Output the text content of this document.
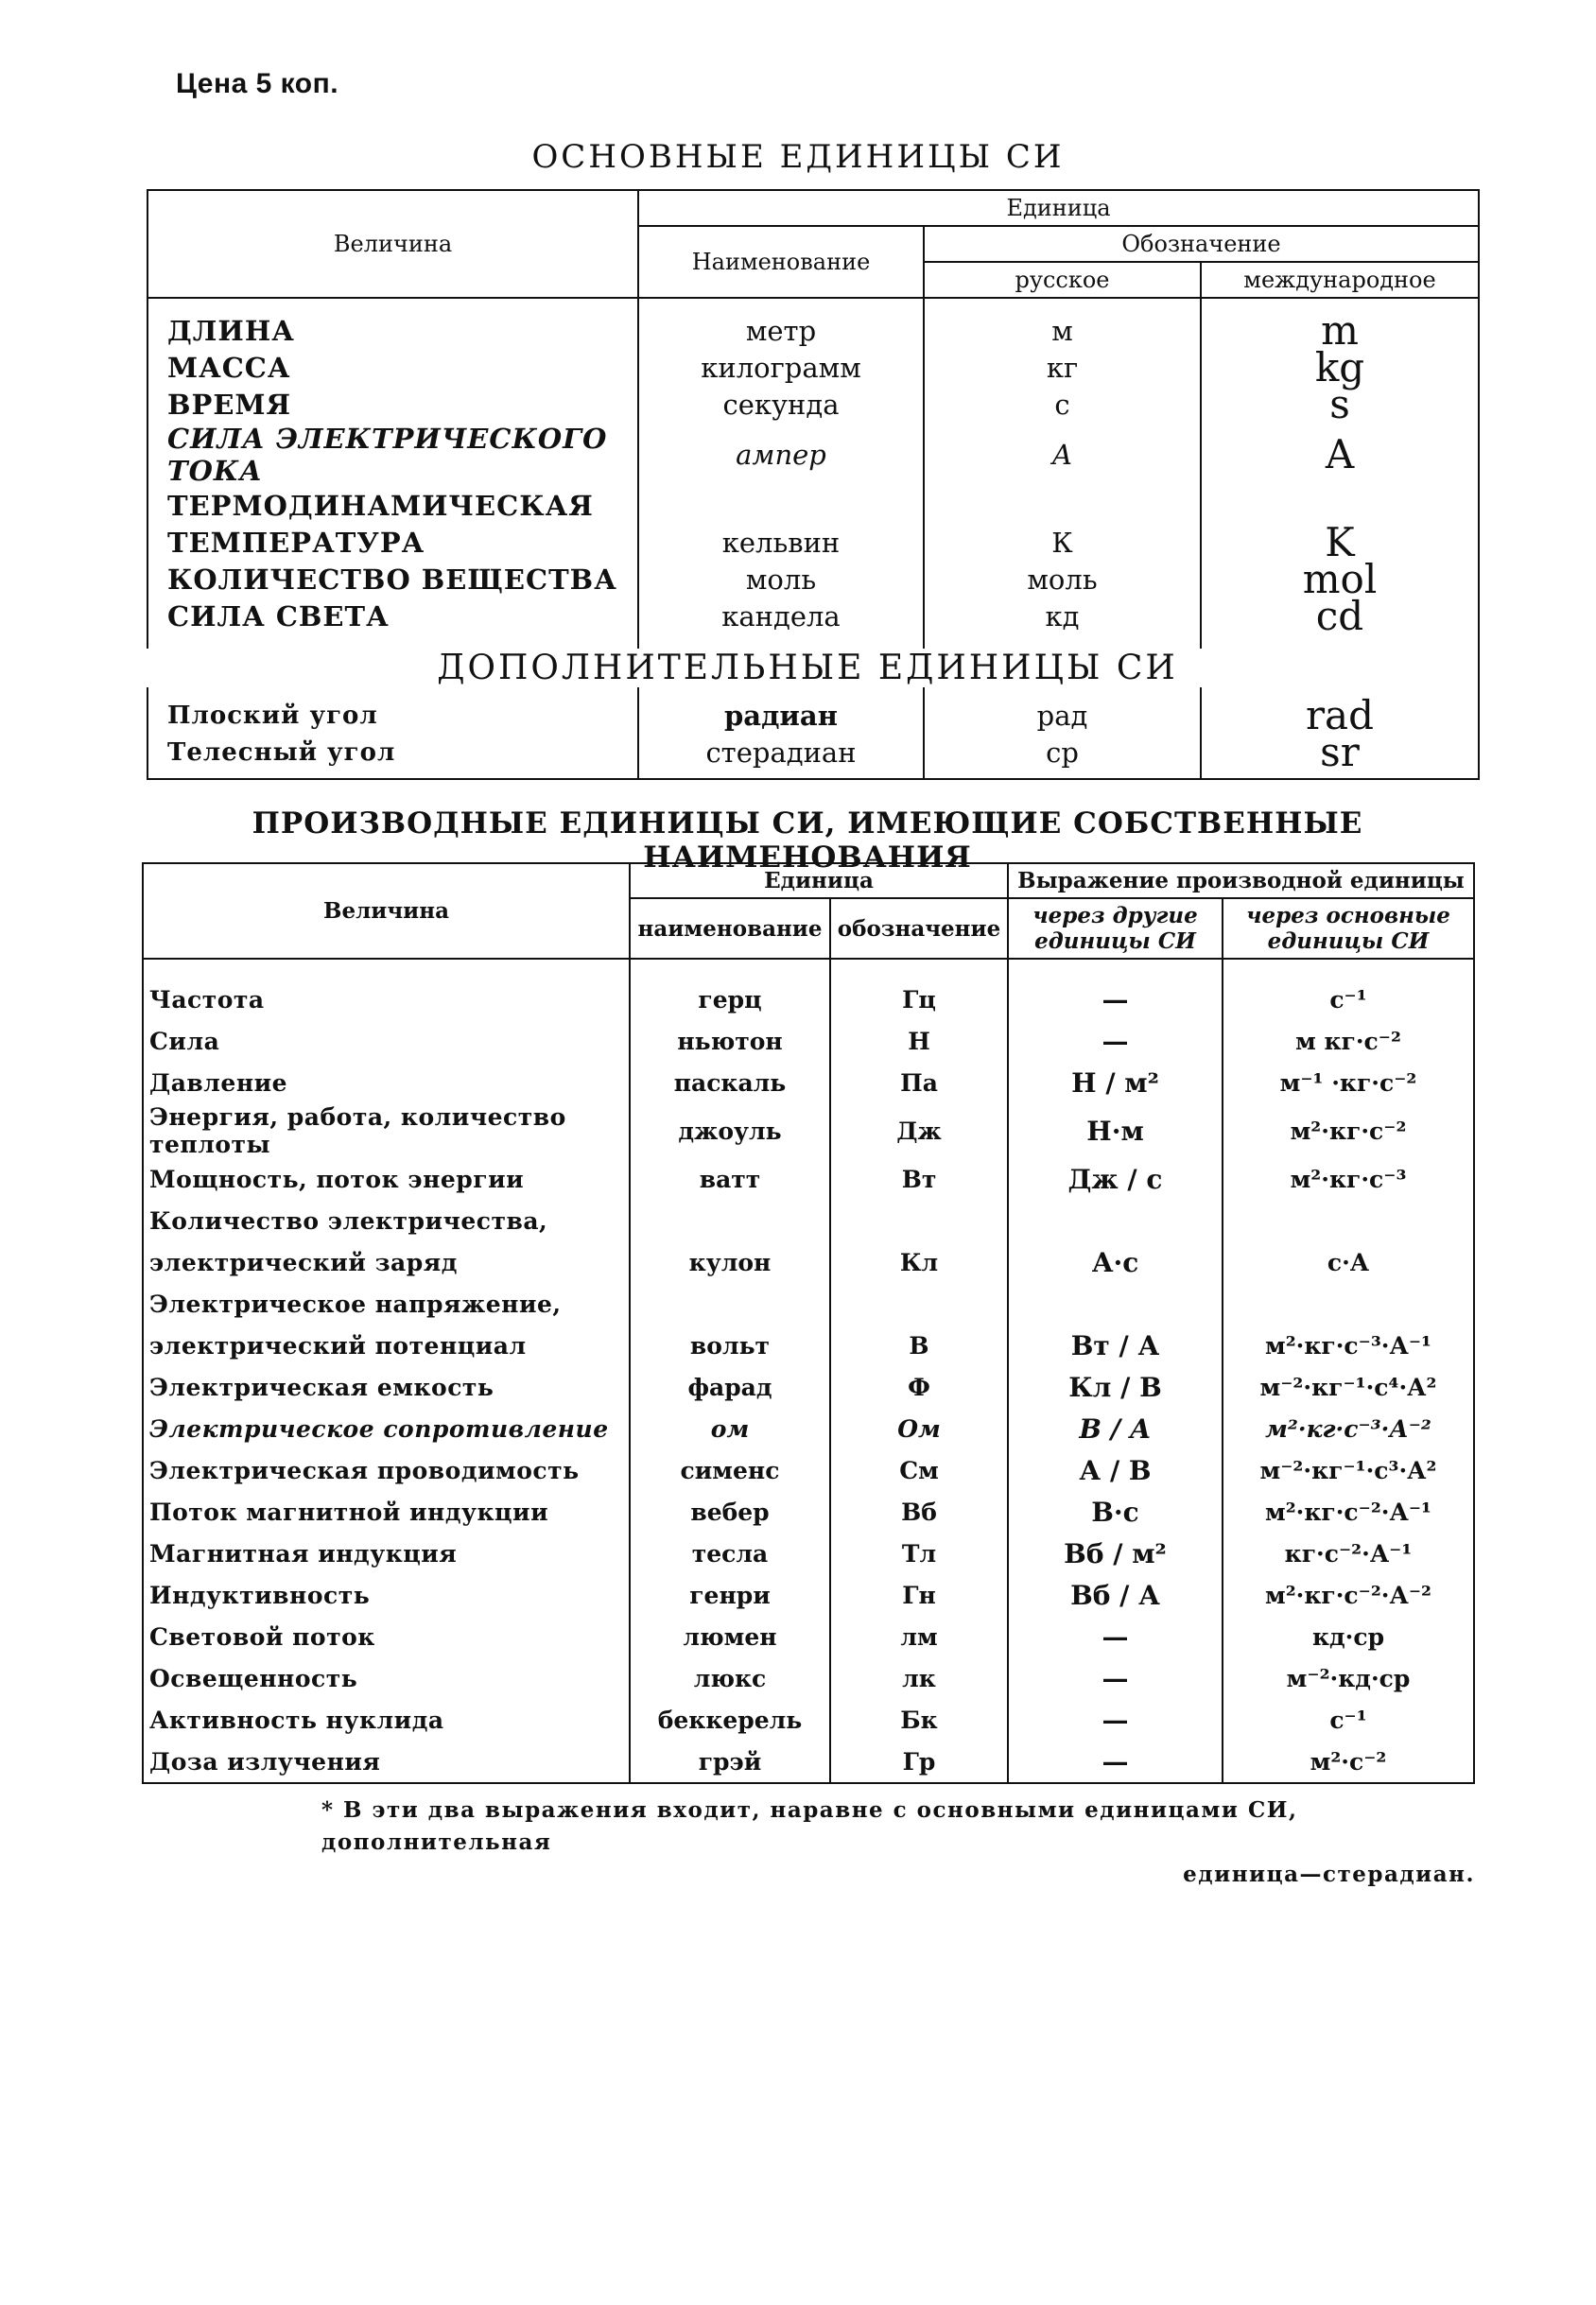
Цена 5 коп.
ОСНОВНЫЕ ЕДИНИЦЫ СИ
Величина	Единица		
	Наименование	Обозначение	
		русское	международное
ДЛИНА	метр	м	m
МАССА	килограмм	кг	kg
ВРЕМЯ	секунда	с	s
СИЛА ЭЛЕКТРИЧЕСКОГО ТОКА	ампер	А	A
ТЕРМОДИНАМИЧЕСКАЯ			
ТЕМПЕРАТУРА	кельвин	К	K
КОЛИЧЕСТВО ВЕЩЕСТВА	моль	моль	mol
СИЛА СВЕТА	кандела	кд	cd

Плоский угол	радиан	рад	rad
Телесный угол	стерадиан	ср	sr
ДОПОЛНИТЕЛЬНЫЕ ЕДИНИЦЫ СИ
ПРОИЗВОДНЫЕ ЕДИНИЦЫ СИ, ИМЕЮЩИЕ СОБСТВЕННЫЕ НАИМЕНОВАНИЯ
Величина	Единица		Выражение производной единицы	
	наименование	обозначение	через другие единицы СИ	через основные единицы СИ
Частота	герц	Гц	—	с⁻¹
Сила	ньютон	Н	—	м кг·с⁻²
Давление	паскаль	Па	Н / м²	м⁻¹ ·кг·с⁻²
Энергия, работа, количество теплоты	джоуль	Дж	Н·м	м²·кг·с⁻²
Мощность, поток энергии	ватт	Вт	Дж / с	м²·кг·с⁻³
Количество электричества,				
электрический заряд	кулон	Кл	А·с	с·А
Электрическое напряжение,				
электрический потенциал	вольт	В	Вт / А	м²·кг·с⁻³·А⁻¹
Электрическая емкость	фарад	Ф	Кл / В	м⁻²·кг⁻¹·с⁴·А²
Электрическое сопротивление	ом	Ом	В / А	м²·кг·с⁻³·А⁻²
Электрическая проводимость	сименс	См	А / В	м⁻²·кг⁻¹·с³·А²
Поток магнитной индукции	вебер	Вб	В·с	м²·кг·с⁻²·А⁻¹
Магнитная индукция	тесла	Тл	Вб / м²	кг·с⁻²·А⁻¹
Индуктивность	генри	Гн	Вб / А	м²·кг·с⁻²·А⁻²
Световой поток	люмен	лм	—	кд·ср
Освещенность	люкс	лк	—	м⁻²·кд·ср
Активность нуклида	беккерель	Бк	—	с⁻¹
Доза излучения	грэй	Гр	—	м²·с⁻²
* В эти два выражения входит, наравне с основными единицами СИ, дополнительная
единица—стерадиан.
